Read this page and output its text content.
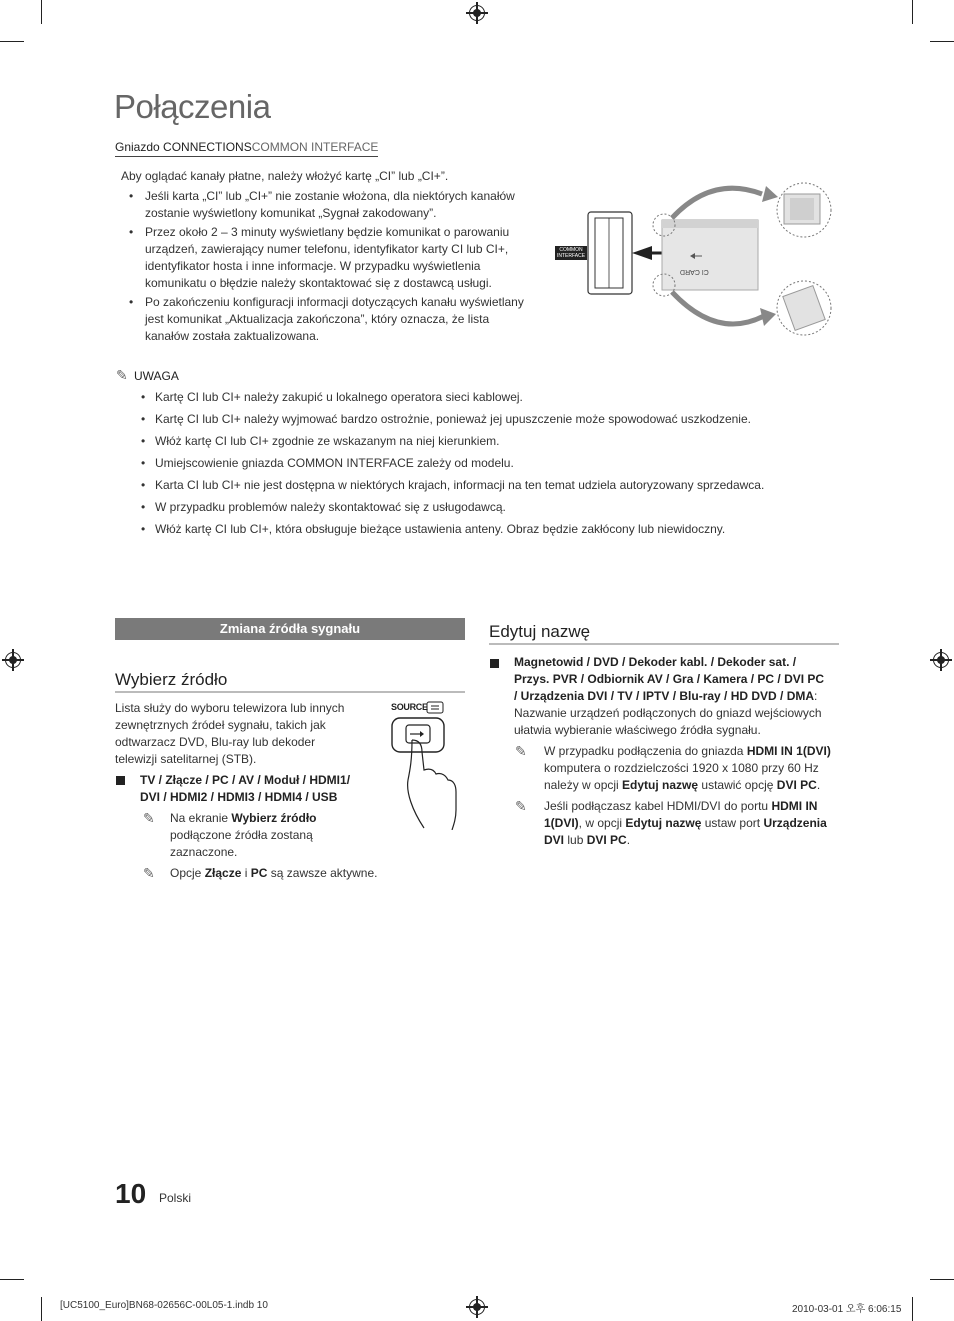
Połączenia
Gniazdo CONNECTIONSCOMMON INTERFACE
Aby oglądać kanały płatne, należy włożyć kartę „CI” lub „CI+”.
• Jeśli karta „CI” lub „CI+” nie zostanie włożona, dla niektórych kanałów zostanie wyświetlony komunikat „Sygnał zakodowany”.
• Przez około 2 – 3 minuty wyświetlany będzie komunikat o parowaniu urządzeń, zawierający numer telefonu, identyfikator karty CI lub CI+, identyfikator hosta i inne informacje. W przypadku wyświetlenia komunikatu o błędzie należy skontaktować się z dostawcą usługi.
• Po zakończeniu konfiguracji informacji dotyczących kanału wyświetlany jest komunikat „Aktualizacja zakończona”, który oznacza, że lista kanałów została zaktualizowana.
COMMON INTERFACE
CI CARD
✎ UWAGA
• Kartę CI lub CI+ należy zakupić u lokalnego operatora sieci kablowej.
• Kartę CI lub CI+ należy wyjmować bardzo ostrożnie, ponieważ jej upuszczenie może spowodować uszkodzenie.
• Włóż kartę CI lub CI+ zgodnie ze wskazanym na niej kierunkiem.
• Umiejscowienie gniazda COMMON INTERFACE zależy od modelu.
• Karta CI lub CI+ nie jest dostępna w niektórych krajach, informacji na ten temat udziela autoryzowany sprzedawca.
• W przypadku problemów należy skontaktować się z usługodawcą.
• Włóż kartę CI lub CI+, która obsługuje bieżące ustawienia anteny. Obraz będzie zakłócony lub niewidoczny.
Zmiana źródła sygnału
Wybierz źródło
Lista służy do wyboru telewizora lub innych zewnętrznych źródeł sygnału, takich jak odtwarzacz DVD, Blu-ray lub dekoder telewizji satelitarnej (STB).
TV / Złącze / PC / AV / Moduł / HDMI1/ DVI / HDMI2 / HDMI3 / HDMI4 / USB
✎	Na ekranie Wybierz źródło podłączone źródła zostaną zaznaczone.
✎	Opcje Złącze i PC są zawsze aktywne.
SOURCE
Edytuj nazwę
Magnetowid / DVD / Dekoder kabl. / Dekoder sat. / Przys. PVR / Odbiornik AV / Gra / Kamera / PC / DVI PC / Urządzenia DVI / TV / IPTV / Blu-ray / HD DVD / DMA: Nazwanie urządzeń podłączonych do gniazd wejściowych ułatwia wybieranie właściwego źródła sygnału.
✎	W przypadku podłączenia do gniazda HDMI IN 1(DVI) komputera o rozdzielczości 1920 x 1080 przy 60 Hz należy w opcji Edytuj nazwę ustawić opcję DVI PC.
✎	Jeśli podłączasz kabel HDMI/DVI do portu HDMI IN 1(DVI), w opcji Edytuj nazwę ustaw port Urządzenia DVI lub DVI PC.
10 Polski
[UC5100_Euro]BN68-02656C-00L05-1.indb 10	2010-03-01 오후 6:06:15
